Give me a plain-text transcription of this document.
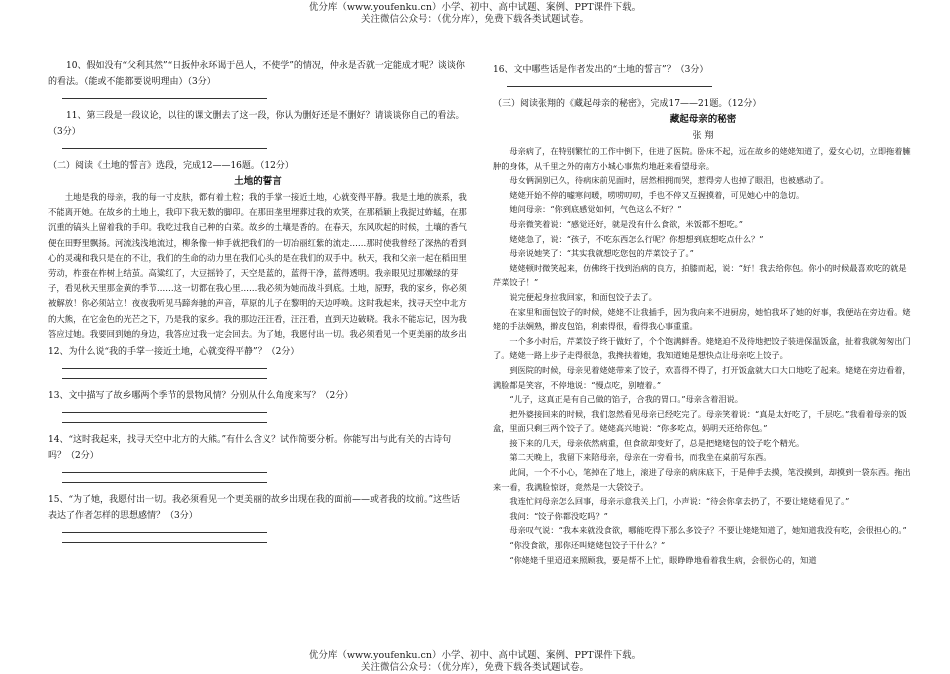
优分库（www.youfenku.cn）小学、初中、高中试题、案例、PPT课件下载。
关注微信公众号：（优分库），免费下载各类试题试卷。

10、假如没有“父利其然”“日扳仲永环谒于邑人，不使学”的情况，仲永是否就一定能成才呢？谈谈你的看法。（能或不能都要说明理由）（3分）

11、第三段是一段议论，以往的课文删去了这一段，你认为删好还是不删好？请谈谈你自己的看法。（3分）

（二）阅读《土地的誓言》选段，完成12——16题。（12分）

土地的誓言

土地是我的母亲，我的每一寸皮肤，都有着土粒；我的手掌一接近土地，心就变得平静。我是土地的族系，我不能离开她。在故乡的土地上，我印下我无数的脚印。在那田垄里埋葬过我的欢笑，在那稻颖上我捉过蚱蜢，在那沉重的镐头上留着我的手印。我吃过我自己种的白菜。故乡的土壤是香的。在春天，东风吹起的时候，土壤的香气便在田野里飘扬。河流浅浅地流过，柳条像一伸手就把我们的一切冶丽红紫的流走……那时使我曾经了深热的看到心的灵魂和我只是在的不让，我们的生命的动力里在我们心头的是在我们的双手中。秋天，我和父亲一起在稻田里劳动，柞蚕在柞树上结茧。高粱红了，大豆摇铃了，天空是蓝的，蓝得干净，蓝得透明。我亲眼见过那嫩绿的芽子，看见秋天里那金黄的季节……这一切都在我心里……我必须为她而战斗到底。土地，原野，我的家乡，你必须被解放！你必须站立！夜夜我听见马蹄奔驰的声音，草原的儿子在黎明的天边呼唤。这时我起来，找寻天空中北方的大熊，在它金色的光芒之下，乃是我的家乡。我的那边汪汪看，汪汪看，直到天边破晓。我永不能忘记，因为我答应过她。我要回到她的身边，我答应过我一定会回去。为了她，我愿付出一切。我必须看见一个更美丽的故乡出

12、为什么说“我的手掌一接近土地，心就变得平静”？（2分）

13、文中描写了故乡哪两个季节的景物风情？分别从什么角度来写？（2分）

14、“这时我起来，找寻天空中北方的大熊。”有什么含义？试作简要分析。你能写出与此有关的古诗句吗？（2分）

15、“为了她，我愿付出一切。我必须看见一个更美丽的故乡出现在我的面前——或者我的坟前。”这些话表达了作者怎样的思想感情？（3分）

16、文中哪些话是作者发出的“土地的誓言”？（3分）

（三）阅读张翔的《藏起母亲的秘密》，完成17——21题。（12分）

藏起母亲的秘密

张 翔

母亲病了，在特别繁忙的工作中倒下，住进了医院。卧床不起，远在故乡的姥姥知道了，爱女心切，立即拖着臃肿的身体，从千里之外的南方小城心事焦灼地赶来看望母亲。

母女俩洞别已久，待病床前见面时，居然相拥而哭，惹得旁人也掉了眼泪，也被感动了。

姥姥开始不停的嘘寒问暖，唠唠叨叨，手也不停又互握摸着，可见她心中的急切。

她问母亲：“你到底感觉如何，气色这么不好？”

母亲微笑着说：“感觉还好，就是没有什么食欲，米饭都不想吃。”

姥姥急了，说：“孩子，不吃东西怎么行呢？你想想到底想吃点什么？”

母亲说她笑了：“其实我就想吃您包的芹菜饺子了。”

姥姥顿时微笑起来，仿佛终于找到治病的良方，拍膝而起，说：“好！我去给你包。你小的时候最喜欢吃的就是芹菜饺子！”

说完便起身拉我回家，和面包饺子去了。

在家里和面包饺子的时候，姥姥不让我插手，因为我向来不进厨房，她怕我坏了她的好事，我便站在旁边看。姥姥的手法娴熟，擀皮包馅，利索得很，看得我心事重重。

一个多小时后，芹菜饺子终于做好了，个个饱满鲜香。姥姥迫不及待地把饺子装进保温饭盒，扯着我就匆匆出门了。姥姥一路上步子走得很急，我搀扶着她，我知道她是想快点让母亲吃上饺子。

到医院的时候，母亲见着姥姥带来了饺子，欢喜得不得了，打开饭盒就大口大口地吃了起来。姥姥在旁边看着，满脸都是笑容，不停地说：“慢点吃，别噎着。”

“儿子，这真正是有自己做的馅子，合我的胃口。”母亲含着泪说。

把外婆接回来的时候，我们忽然看见母亲已经吃完了。母亲笑着说：“真是太好吃了，千层吃。”我看着母亲的饭盒，里面只剩三两个饺子了。姥姥高兴地说：“你多吃点，妈明天还给你包。”

接下来的几天，母亲依然病重，但食欲却变好了，总是把姥姥包的饺子吃个精光。

第二天晚上，我留下来陪母亲，母亲在一旁看书，而我坐在桌前写东西。

此间，一个不小心，笔掉在了地上，滚进了母亲的病床底下，于是伸手去摸，笔没摸到，却摸到一袋东西。拖出来一看，我满脸惊讶，竟然是一大袋饺子。

我连忙问母亲怎么回事，母亲示意我关上门，小声说：“待会你拿去扔了，不要让姥姥看见了。”

我问：“饺子你都没吃吗？”

母亲叹气说：“我本来就没食欲，哪能吃得下那么多饺子？不要让姥姥知道了，她知道我没有吃，会很担心的。”

“你没食欲，那你还叫姥姥包饺子干什么？”

“你姥姥千里迢迢来照顾我，要是帮不上忙，眼睁睁地看着我生病，会很伤心的，知道

优分库（www.youfenku.cn）小学、初中、高中试题、案例、PPT课件下载。
关注微信公众号：（优分库），免费下载各类试题试卷。
